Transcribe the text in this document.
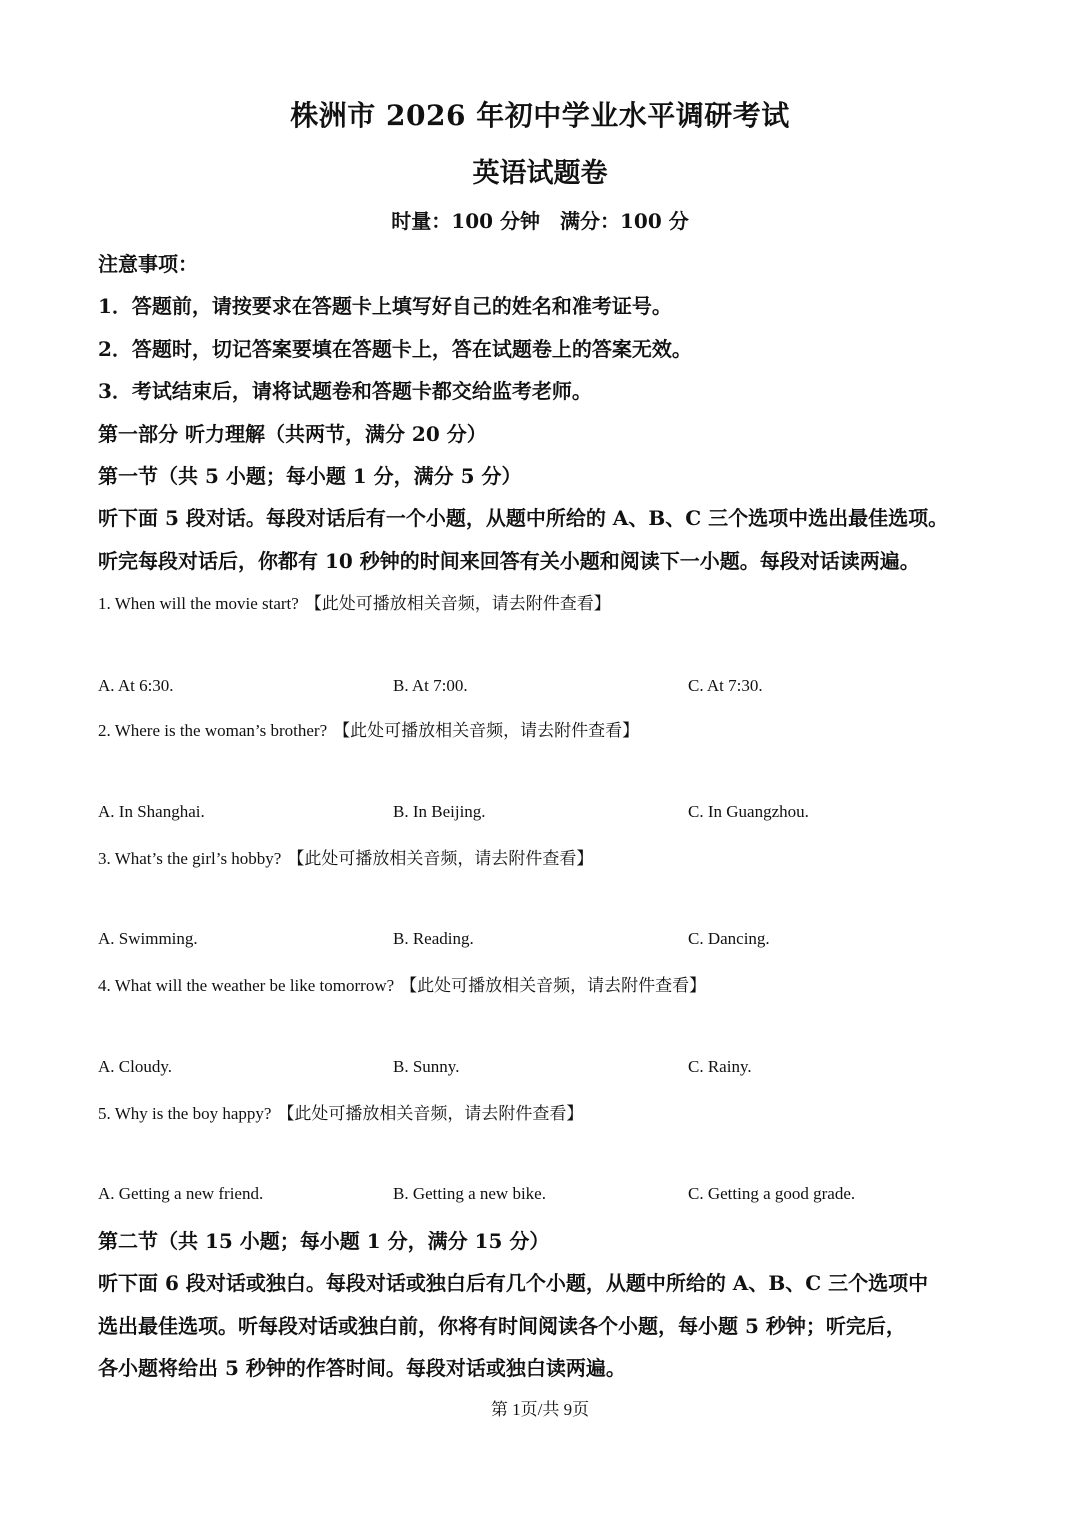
株洲市 2026 年初中学业水平调研考试
英语试题卷
时量：100 分钟　满分：100 分
注意事项：
1．答题前，请按要求在答题卡上填写好自己的姓名和准考证号。
2．答题时，切记答案要填在答题卡上，答在试题卷上的答案无效。
3．考试结束后，请将试题卷和答题卡都交给监考老师。
第一部分 听力理解（共两节，满分 20 分）
第一节（共 5 小题；每小题 1 分，满分 5 分）
听下面 5 段对话。每段对话后有一个小题，从题中所给的 A、B、C 三个选项中选出最佳选项。
听完每段对话后，你都有 10 秒钟的时间来回答有关小题和阅读下一小题。每段对话读两遍。
1. When will the movie start? 【此处可播放相关音频，请去附件查看】
A. At 6:30.	B. At 7:00.	C. At 7:30.
2. Where is the woman’s brother? 【此处可播放相关音频，请去附件查看】
A. In Shanghai.	B. In Beijing.	C. In Guangzhou.
3. What’s the girl’s hobby? 【此处可播放相关音频，请去附件查看】
A. Swimming.	B. Reading.	C. Dancing.
4. What will the weather be like tomorrow? 【此处可播放相关音频，请去附件查看】
A. Cloudy.	B. Sunny.	C. Rainy.
5. Why is the boy happy? 【此处可播放相关音频，请去附件查看】
A. Getting a new friend.	B. Getting a new bike.	C. Getting a good grade.
第二节（共 15 小题；每小题 1 分，满分 15 分）
听下面 6 段对话或独白。每段对话或独白后有几个小题，从题中所给的 A、B、C 三个选项中
选出最佳选项。听每段对话或独白前，你将有时间阅读各个小题，每小题 5 秒钟；听完后，
各小题将给出 5 秒钟的作答时间。每段对话或独白读两遍。
第 1页/共 9页
